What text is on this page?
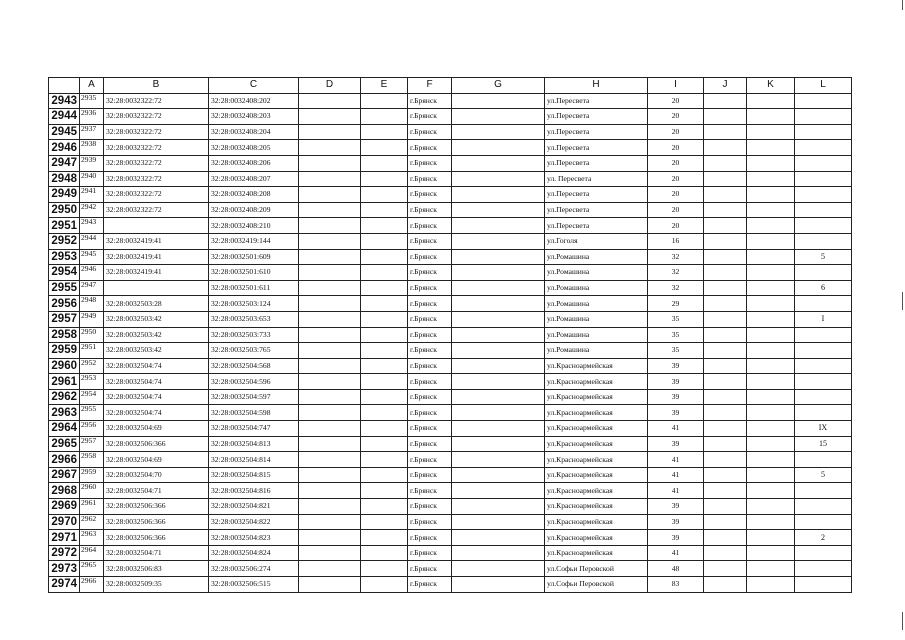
	A	B	C	D	E	F	G	H	I	J	K	L
2943	2935	32:28:0032322:72	32:28:0032408:202			г.Брянск		ул.Пересвета	20			
2944	2936	32:28:0032322:72	32:28:0032408:203			г.Брянск		ул.Пересвета	20			
2945	2937	32:28:0032322:72	32:28:0032408:204			г.Брянск		ул.Пересвета	20			
2946	2938	32:28:0032322:72	32:28:0032408:205			г.Брянск		ул.Пересвета	20			
2947	2939	32:28:0032322:72	32:28:0032408:206			г.Брянск		ул.Пересвета	20			
2948	2940	32:28:0032322:72	32:28:0032408:207			г.Брянск		ул. Пересвета	20			
2949	2941	32:28:0032322:72	32:28:0032408:208			г.Брянск		ул.Пересвета	20			
2950	2942	32:28:0032322:72	32:28:0032408:209			г.Брянск		ул.Пересвета	20			
2951	2943		32:28:0032408:210			г.Брянск		ул.Пересвета	20			
2952	2944	32:28:0032419:41	32:28:0032419:144			г.Брянск		ул.Гоголя	16			
2953	2945	32:28:0032419:41	32:28:0032501:609			г.Брянск		ул.Ромашина	32			5
2954	2946	32:28:0032419:41	32:28:0032501:610			г.Брянск		ул.Ромашина	32			
2955	2947		32:28:0032501:611			г.Брянск		ул.Ромашина	32			6
2956	2948	32:28:0032503:28	32:28:0032503:124			г.Брянск		ул.Ромашина	29			
2957	2949	32:28:0032503:42	32:28:0032503:653			г.Брянск		ул.Ромашина	35			I
2958	2950	32:28:0032503:42	32:28:0032503:733			г.Брянск		ул.Ромашина	35			
2959	2951	32:28:0032503:42	32:28:0032503:765			г.Брянск		ул.Ромашина	35			
2960	2952	32:28:0032504:74	32:28:0032504:568			г.Брянск		ул.Красноармейская	39			
2961	2953	32:28:0032504:74	32:28:0032504:596			г.Брянск		ул.Красноармейская	39			
2962	2954	32:28:0032504:74	32:28:0032504:597			г.Брянск		ул.Красноармейская	39			
2963	2955	32:28:0032504:74	32:28:0032504:598			г.Брянск		ул.Красноармейская	39			
2964	2956	32:28:0032504:69	32:28:0032504:747			г.Брянск		ул.Красноармейская	41			IX
2965	2957	32:28:0032506:366	32:28:0032504:813			г.Брянск		ул.Красноармейская	39			15
2966	2958	32:28:0032504:69	32:28:0032504:814			г.Брянск		ул.Красноармейская	41			
2967	2959	32:28:0032504:70	32:28:0032504:815			г.Брянск		ул.Красноармейская	41			5
2968	2960	32:28:0032504:71	32:28:0032504:816			г.Брянск		ул.Красноармейская	41			
2969	2961	32:28:0032506:366	32:28:0032504:821			г.Брянск		ул.Красноармейская	39			
2970	2962	32:28:0032506:366	32:28:0032504:822			г.Брянск		ул.Красноармейская	39			
2971	2963	32:28:0032506:366	32:28:0032504:823			г.Брянск		ул.Красноармейская	39			2
2972	2964	32:28:0032504:71	32:28:0032504:824			г.Брянск		ул.Красноармейская	41			
2973	2965	32:28:0032506:83	32:28:0032506:274			г.Брянск		ул.Софьи Перовской	48			
2974	2966	32:28:0032509:35	32:28:0032506:515			г.Брянск		ул.Софьи Перовской	83			
